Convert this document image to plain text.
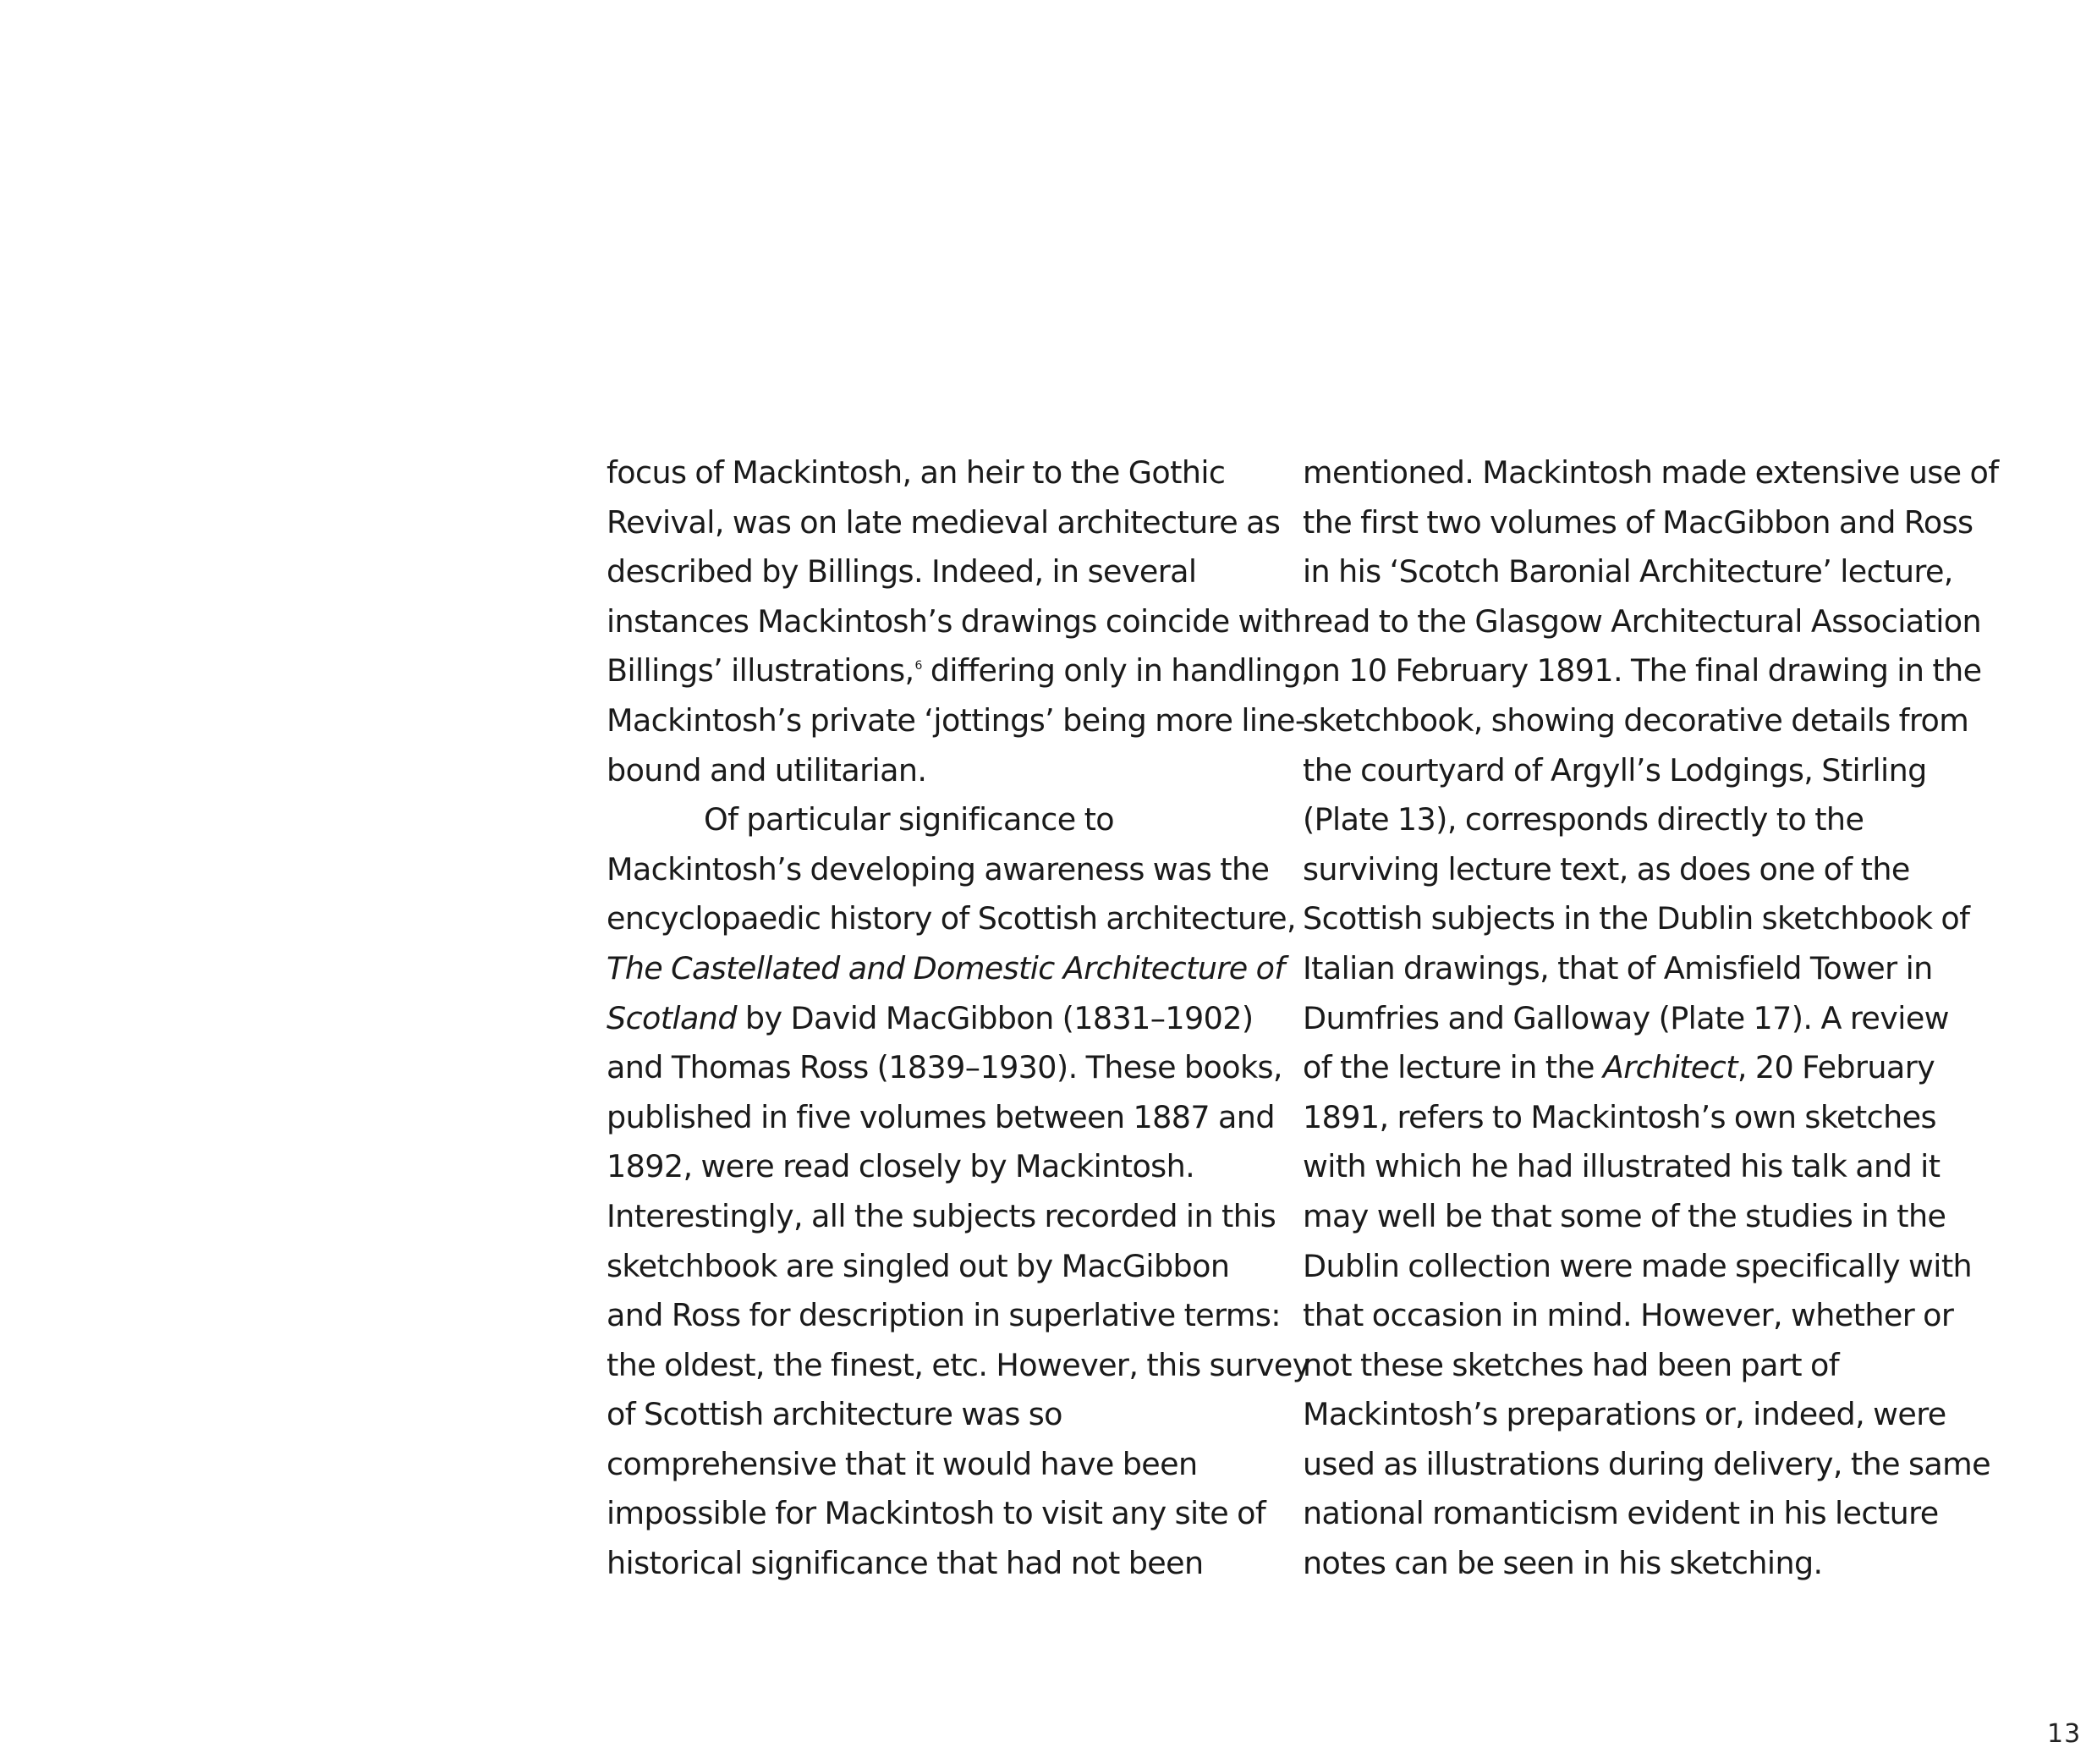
focus of Mackintosh, an heir to the Gothic
Revival, was on late medieval architecture as
described by Billings. Indeed, in several
instances Mackintosh’s drawings coincide with
Billings’ illustrations,$^6$ differing only in handling,
Mackintosh’s private ‘jottings’ being more line-
bound and utilitarian.
Of particular significance to
Mackintosh’s developing awareness was the
encyclopaedic history of Scottish architecture,
The Castellated and Domestic Architecture of
Scotland by David MacGibbon (1831–1902)
and Thomas Ross (1839–1930). These books,
published in five volumes between 1887 and
1892, were read closely by Mackintosh.
Interestingly, all the subjects recorded in this
sketchbook are singled out by MacGibbon
and Ross for description in superlative terms:
the oldest, the finest, etc. However, this survey
of Scottish architecture was so
comprehensive that it would have been
impossible for Mackintosh to visit any site of
historical significance that had not been
mentioned. Mackintosh made extensive use of
the first two volumes of MacGibbon and Ross
in his ‘Scotch Baronial Architecture’ lecture,
read to the Glasgow Architectural Association
on 10 February 1891. The final drawing in the
sketchbook, showing decorative details from
the courtyard of Argyll’s Lodgings, Stirling
(Plate 13), corresponds directly to the
surviving lecture text, as does one of the
Scottish subjects in the Dublin sketchbook of
Italian drawings, that of Amisfield Tower in
Dumfries and Galloway (Plate 17). A review
of the lecture in the Architect, 20 February
1891, refers to Mackintosh’s own sketches
with which he had illustrated his talk and it
may well be that some of the studies in the
Dublin collection were made specifically with
that occasion in mind. However, whether or
not these sketches had been part of
Mackintosh’s preparations or, indeed, were
used as illustrations during delivery, the same
national romanticism evident in his lecture
notes can be seen in his sketching.
13
